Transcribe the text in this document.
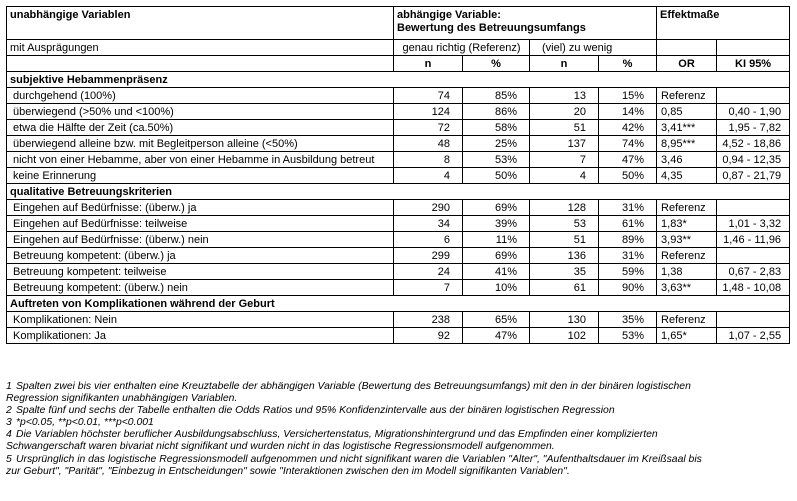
unabhängige Variablen	abhängige Variable:
Bewertung des Betreuungsumfangs				Effektmaße	
mit Ausprägungen	genau richtig (Referenz)		(viel) zu wenig			
	n	%	n	%	OR	KI 95%
subjektive Hebammenpräsenz						
durchgehend (100%)	74	85%	13	15%	Referenz	
überwiegend (>50% und <100%)	124	86%	20	14%	0,85	0,40 - 1,90
etwa die Hälfte der Zeit (ca.50%)	72	58%	51	42%	3,41***	1,95 - 7,82
überwiegend alleine bzw. mit Begleitperson alleine (<50%)	48	25%	137	74%	8,95***	4,52 - 18,86
nicht von einer Hebamme, aber von einer Hebamme in Ausbildung betreut	8	53%	7	47%	3,46	0,94 - 12,35
keine Erinnerung	4	50%	4	50%	4,35	0,87 - 21,79
qualitative Betreuungskriterien						
Eingehen auf Bedürfnisse: (überw.) ja	290	69%	128	31%	Referenz	
Eingehen auf Bedürfnisse: teilweise	34	39%	53	61%	1,83*	1,01 - 3,32
Eingehen auf Bedürfnisse: (überw.) nein	6	11%	51	89%	3,93**	1,46 - 11,96
Betreuung kompetent: (überw.) ja	299	69%	136	31%	Referenz	
Betreuung kompetent: teilweise	24	41%	35	59%	1,38	0,67 - 2,83
Betreuung kompetent: (überw.) nein	7	10%	61	90%	3,63**	1,48 - 10,08
Auftreten von Komplikationen während der Geburt						
Komplikationen: Nein	238	65%	130	35%	Referenz	
Komplikationen: Ja	92	47%	102	53%	1,65*	1,07 - 2,55
1 Spalten zwei bis vier enthalten eine Kreuztabelle der abhängigen Variable (Bewertung des Betreuungsumfangs) mit den in der binären logistischen
Regression signifikanten unabhängigen Variablen.
2 Spalte fünf und sechs der Tabelle enthalten die Odds Ratios und 95% Konfidenzintervalle aus der binären logistischen Regression
3 *p<0.05, **p<0.01, ***p<0.001
4 Die Variablen höchster beruflicher Ausbildungsabschluss, Versichertenstatus, Migrationshintergrund und das Empfinden einer komplizierten
Schwangerschaft waren bivariat nicht signifikant und wurden nicht in das logistische Regressionsmodell aufgenommen.
5 Ursprünglich in das logistische Regressionsmodell aufgenommen und nicht signifikant waren die Variablen "Alter", "Aufenthaltsdauer im Kreißsaal bis
zur Geburt", "Parität", "Einbezug in Entscheidungen" sowie "Interaktionen zwischen den im Modell signifikanten Variablen".
